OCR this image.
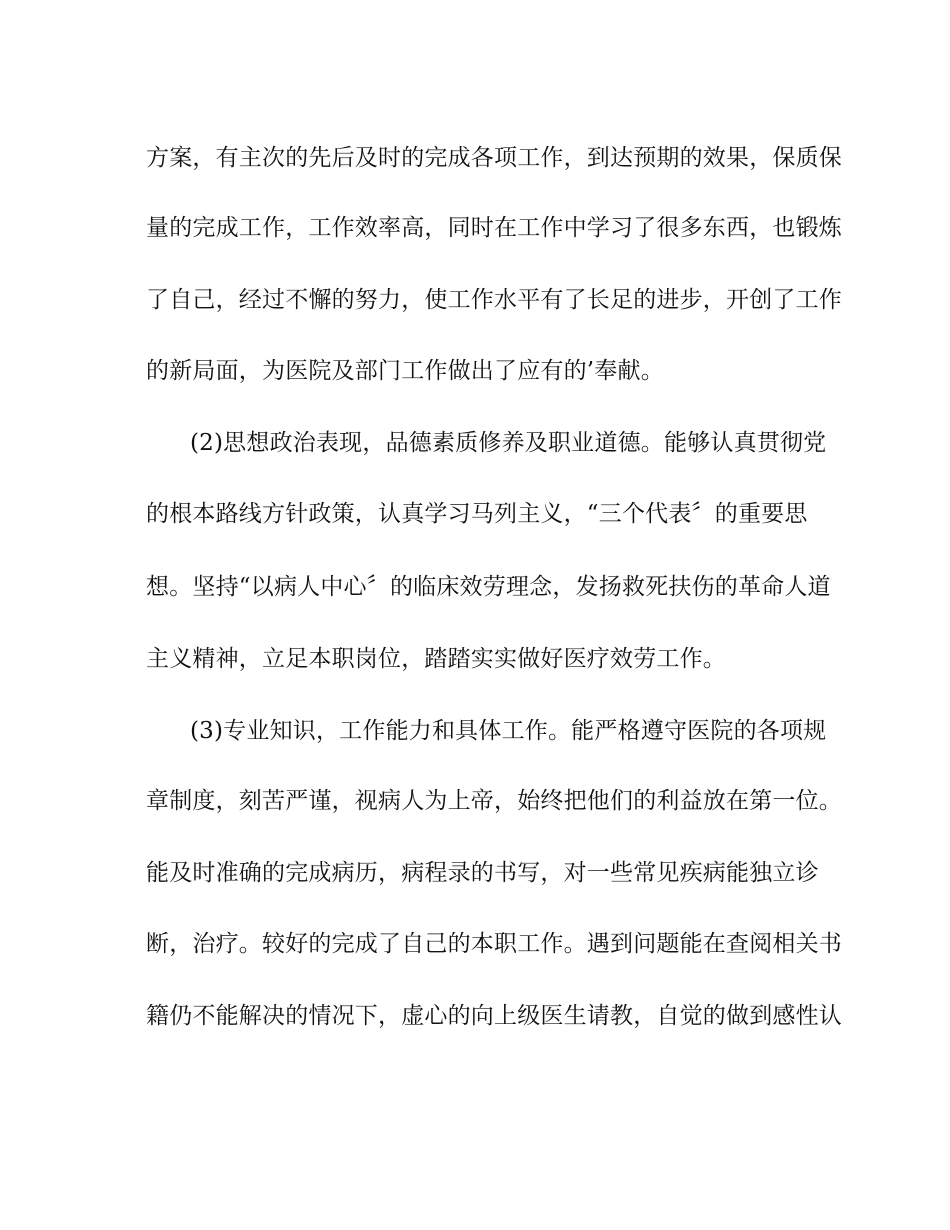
方案，有主次的先后及时的完成各项工作，到达预期的效果，保质保
量的完成工作，工作效率高，同时在工作中学习了很多东西，也锻炼
了自己，经过不懈的努力，使工作水平有了长足的进步，开创了工作
的新局面，为医院及部门工作做出了应有的’奉献。
(2)思想政治表现，品德素质修养及职业道德。能够认真贯彻党
的根本路线方针政策，认真学习马列主义，“三个代表〞的重要思
想。坚持“以病人中心〞的临床效劳理念，发扬救死扶伤的革命人道
主义精神，立足本职岗位，踏踏实实做好医疗效劳工作。
(3)专业知识，工作能力和具体工作。能严格遵守医院的各项规
章制度，刻苦严谨，视病人为上帝，始终把他们的利益放在第一位。
能及时准确的完成病历，病程录的书写，对一些常见疾病能独立诊
断，治疗。较好的完成了自己的本职工作。遇到问题能在查阅相关书
籍仍不能解决的情况下，虚心的向上级医生请教，自觉的做到感性认
